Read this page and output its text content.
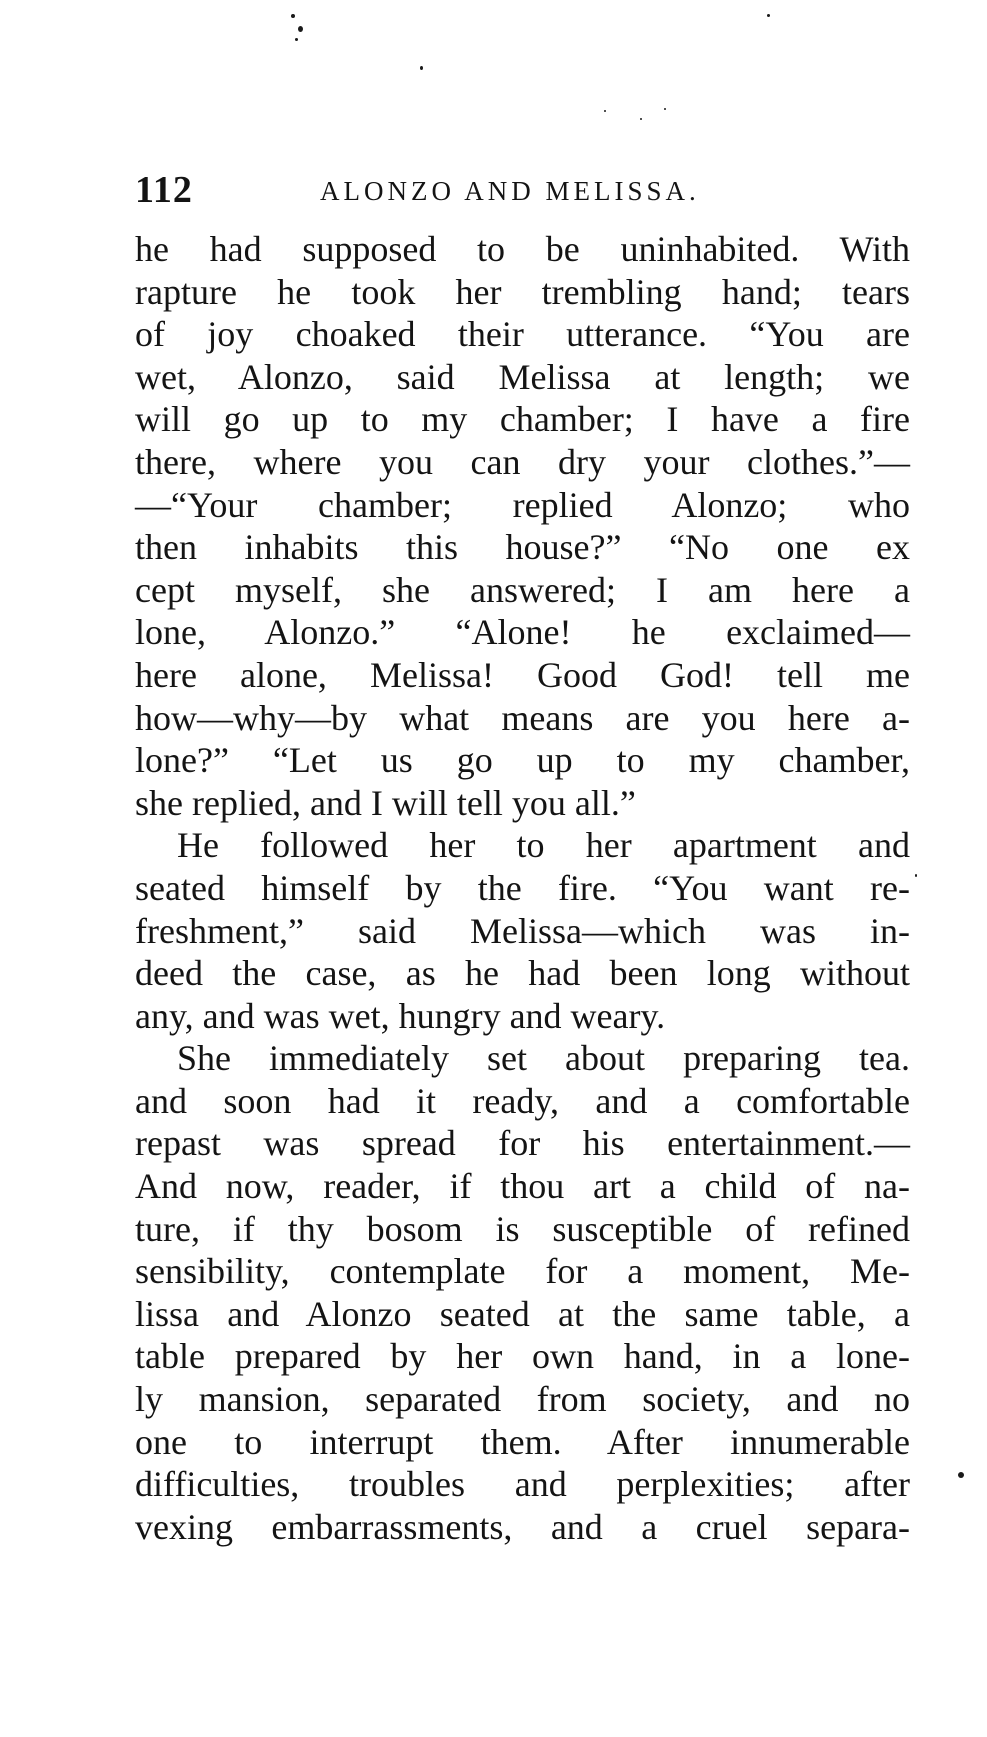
112	ALONZO AND MELISSA.
he had supposed to be uninhabited. With
rapture he took her trembling hand; tears
of joy choaked their utterance. “You are
wet, Alonzo, said Melissa at length; we
will go up to my chamber; I have a fire
there, where you can dry your clothes.”—
—“Your chamber; replied Alonzo; who
then inhabits this house?” “No one ex
cept myself, she answered; I am here a
lone, Alonzo.” “Alone! he exclaimed—
here alone, Melissa! Good God! tell me
how—why—by what means are you here a-
lone?” “Let us go up to my chamber,
she replied, and I will tell you all.”
He followed her to her apartment and
seated himself by the fire. “You want re-
freshment,” said Melissa—which was in-
deed the case, as he had been long without
any, and was wet, hungry and weary.
She immediately set about preparing tea.
and soon had it ready, and a comfortable
repast was spread for his entertainment.—
And now, reader, if thou art a child of na-
ture, if thy bosom is susceptible of refined
sensibility, contemplate for a moment, Me-
lissa and Alonzo seated at the same table, a
table prepared by her own hand, in a lone-
ly mansion, separated from society, and no
one to interrupt them. After innumerable
difficulties, troubles and perplexities; after
vexing embarrassments, and a cruel separa-
